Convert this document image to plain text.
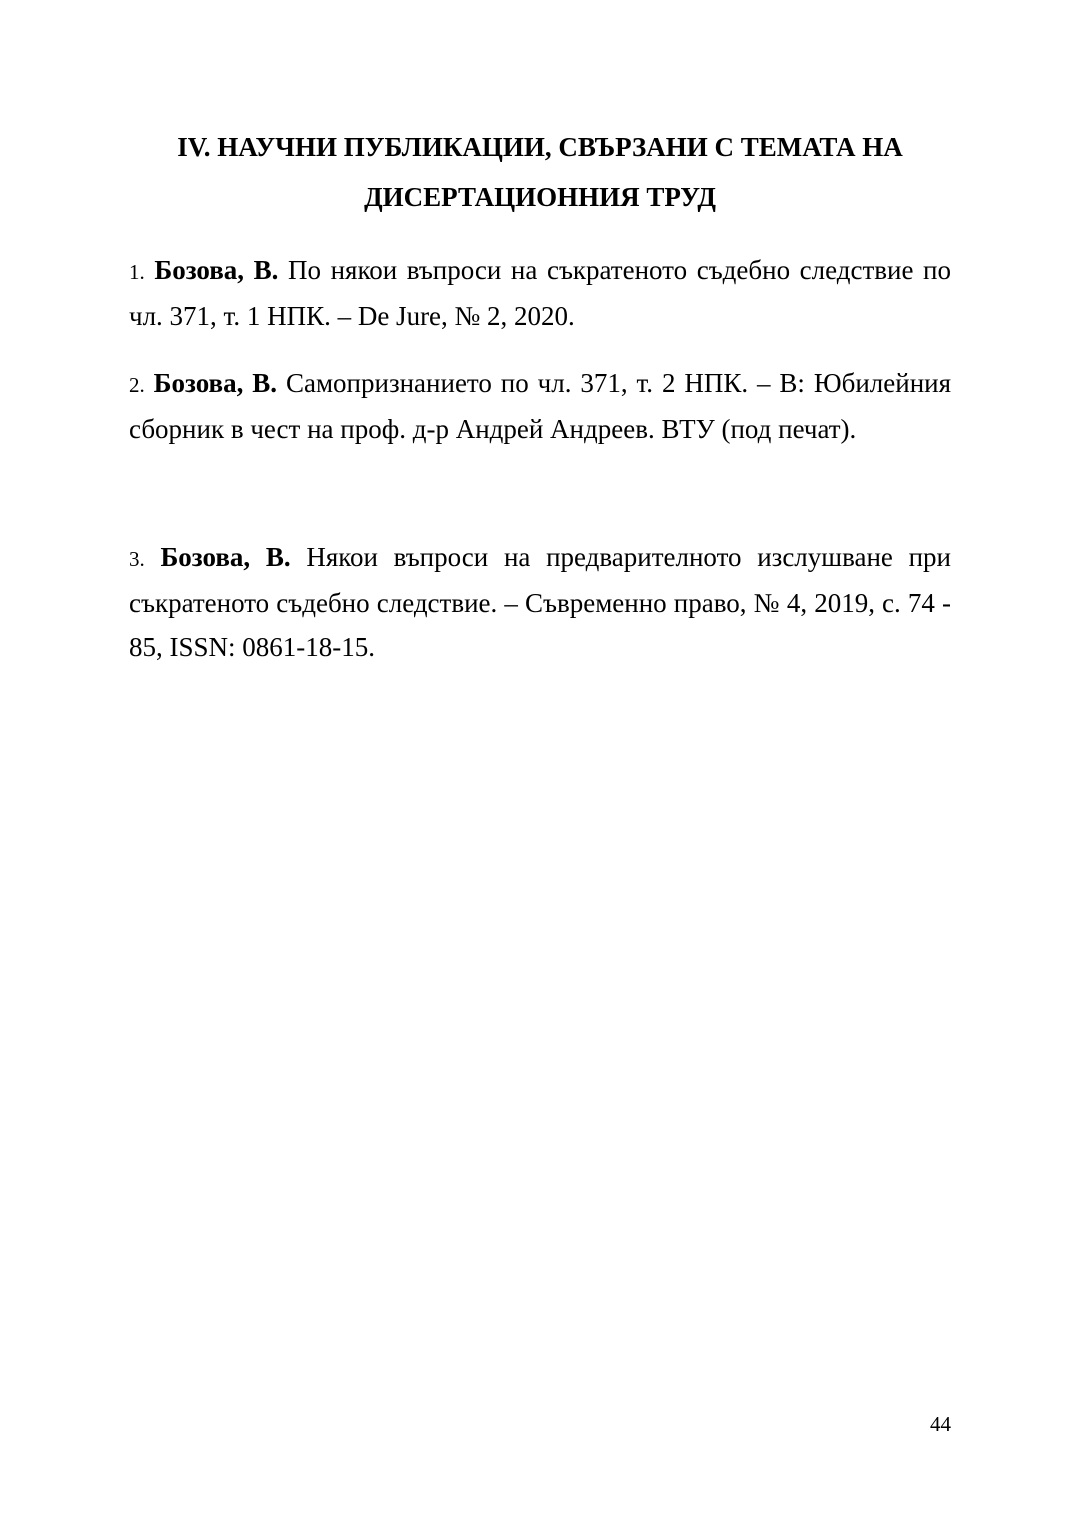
IV. НАУЧНИ ПУБЛИКАЦИИ, СВЪРЗАНИ С ТЕМАТА НА
ДИСЕРТАЦИОННИЯ ТРУД

1. Бозова, В. По някои въпроси на съкратеното съдебно следствие по чл. 371, т. 1 НПК. – De Jure, № 2, 2020.

2. Бозова, В. Самопризнанието по чл. 371, т. 2 НПК. – В: Юбилейния сборник в чест на проф. д-р Андрей Андреев. ВТУ (под печат).

3. Бозова, В. Някои въпроси на предварителното изслушване при съкратеното съдебно следствие. – Съвременно право, № 4, 2019, с. 74 - 85, ISSN: 0861-18-15.

44
